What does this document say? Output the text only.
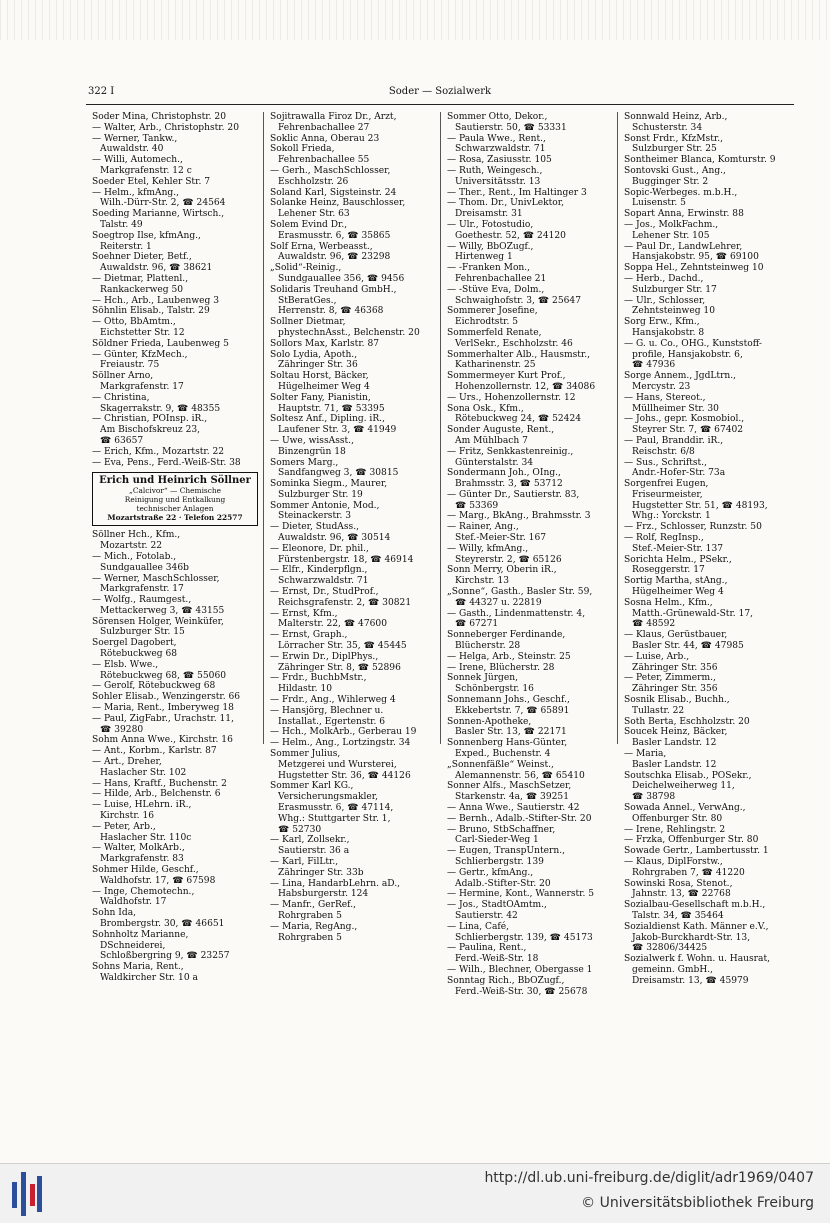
322 I	Soder — Sozialwerk
Soder Mina, Christophstr. 20
— Walter, Arb., Christophstr. 20
— Werner, Tankw.,
Auwaldstr. 40
— Willi, Automech.,
Markgrafenstr. 12 c
Soeder Etel, Kehler Str. 7
— Helm., kfmAng.,
Wilh.-Dürr-Str. 2, ☎ 24564
Soeding Marianne, Wirtsch.,
Talstr. 49
Soegtrop Ilse, kfmAng.,
Reiterstr. 1
Soehner Dieter, Betf.,
Auwaldstr. 96, ☎ 38621
— Dietmar, Plattenl.,
Rankackerweg 50
— Hch., Arb., Laubenweg 3
Söhnlin Elisab., Talstr. 29
— Otto, BbAmtm.,
Eichstetter Str. 12
Söldner Frieda, Laubenweg 5
— Günter, KfzMech.,
Freiaustr. 75
Söllner Arno,
Markgrafenstr. 17
— Christina,
Skagerrakstr. 9, ☎ 48355
— Christian, POInsp. iR.,
Am Bischofskreuz 23,
☎ 63657
— Erich, Kfm., Mozartstr. 22
— Eva, Pens., Ferd.-Weiß-Str. 38
Erich und Heinrich Söllner
„Calcivor“ — Chemische
Reinigung und Entkalkung
technischer Anlagen
Mozartstraße 22 · Telefon 22577
Söllner Hch., Kfm.,
Mozartstr. 22
— Mich., Fotolab.,
Sundgauallee 346b
— Werner, MaschSchlosser,
Markgrafenstr. 17
— Wolfg., Raumgest.,
Mettackerweg 3, ☎ 43155
Sörensen Holger, Weinküfer,
Sulzburger Str. 15
Soergel Dagobert,
Rötebuckweg 68
— Elsb. Wwe.,
Rötebuckweg 68, ☎ 55060
— Gerolf, Rötebuckweg 68
Sohler Elisab., Wenzingerstr. 66
— Maria, Rent., Imberyweg 18
— Paul, ZigFabr., Urachstr. 11,
☎ 39280
Sohm Anna Wwe., Kirchstr. 16
— Ant., Korbm., Karlstr. 87
— Art., Dreher,
Haslacher Str. 102
— Hans, Kraftf., Buchenstr. 2
— Hilde, Arb., Belchenstr. 6
— Luise, HLehrn. iR.,
Kirchstr. 16
— Peter, Arb.,
Haslacher Str. 110c
— Walter, MolkArb.,
Markgrafenstr. 83
Sohmer Hilde, Geschf.,
Waldhofstr. 17, ☎ 67598
— Inge, Chemotechn.,
Waldhofstr. 17
Sohn Ida,
Brombergstr. 30, ☎ 46651
Sohnholtz Marianne,
DSchneiderei,
Schloßbergring 9, ☎ 23257
Sohns Maria, Rent.,
Waldkircher Str. 10 a
Sojitrawalla Firoz Dr., Arzt,
Fehrenbachallee 27
Soklic Anna, Oberau 23
Sokoll Frieda,
Fehrenbachallee 55
— Gerh., MaschSchlosser,
Eschholzstr. 26
Soland Karl, Sigsteinstr. 24
Solanke Heinz, Bauschlosser,
Lehener Str. 63
Solem Evind Dr.,
Erasmusstr. 6, ☎ 35865
Solf Erna, Werbeasst.,
Auwaldstr. 96, ☎ 23298
„Solid“-Reinig.,
Sundgauallee 356, ☎ 9456
Solidaris Treuhand GmbH.,
StBeratGes.,
Herrenstr. 8, ☎ 46368
Sollner Dietmar,
phystechnAsst., Belchenstr. 20
Sollors Max, Karlstr. 87
Solo Lydia, Apoth.,
Zähringer Str. 36
Soltau Horst, Bäcker,
Hügelheimer Weg 4
Solter Fany, Pianistin,
Hauptstr. 71, ☎ 53395
Soltesz Anf., Dipling. iR.,
Laufener Str. 3, ☎ 41949
— Uwe, wissAsst.,
Binzengrün 18
Somers Marg.,
Sandfangweg 3, ☎ 30815
Sominka Siegm., Maurer,
Sulzburger Str. 19
Sommer Antonie, Mod.,
Steinackerstr. 3
— Dieter, StudAss.,
Auwaldstr. 96, ☎ 30514
— Eleonore, Dr. phil.,
Fürstenbergstr. 18, ☎ 46914
— Elfr., Kinderpflgn.,
Schwarzwaldstr. 71
— Ernst, Dr., StudProf.,
Reichsgrafenstr. 2, ☎ 30821
— Ernst, Kfm.,
Malterstr. 22, ☎ 47600
— Ernst, Graph.,
Lörracher Str. 35, ☎ 45445
— Erwin Dr., DiplPhys.,
Zähringer Str. 8, ☎ 52896
— Frdr., BuchbMstr.,
Hildastr. 10
— Frdr., Ang., Wihlerweg 4
— Hansjörg, Blechner u.
Installat., Egertenstr. 6
— Hch., MolkArb., Gerberau 19
— Helm., Ang., Lortzingstr. 34
Sommer Julius,
Metzgerei und Wursterei,
Hugstetter Str. 36, ☎ 44126
Sommer Karl KG.,
Versicherungsmakler,
Erasmusstr. 6, ☎ 47114,
Whg.: Stuttgarter Str. 1,
☎ 52730
— Karl, Zollsekr.,
Sautierstr. 36 a
— Karl, FilLtr.,
Zähringer Str. 33b
— Lina, HandarbLehrn. aD.,
Habsburgerstr. 124
— Manfr., GerRef.,
Rohrgraben 5
— Maria, RegAng.,
Rohrgraben 5
Sommer Otto, Dekor.,
Sautierstr. 50, ☎ 53331
— Paula Wwe., Rent.,
Schwarzwaldstr. 71
— Rosa, Zasiusstr. 105
— Ruth, Weingesch.,
Universitätsstr. 13
— Ther., Rent., Im Haltinger 3
— Thom. Dr., UnivLektor,
Dreisamstr. 31
— Ulr., Fotostudio,
Goethestr. 52, ☎ 24120
— Willy, BbOZugf.,
Hirtenweg 1
— -Franken Mon.,
Fehrenbachallee 21
— -Stüve Eva, Dolm.,
Schwaighofstr. 3, ☎ 25647
Sommerer Josefine,
Eichrodtstr. 5
Sommerfeld Renate,
VerlSekr., Eschholzstr. 46
Sommerhalter Alb., Hausmstr.,
Katharinenstr. 25
Sommermeyer Kurt Prof.,
Hohenzollernstr. 12, ☎ 34086
— Urs., Hohenzollernstr. 12
Sona Osk., Kfm.,
Rötebuckweg 24, ☎ 52424
Sonder Auguste, Rent.,
Am Mühlbach 7
— Fritz, Senkkastenreinig.,
Günterstalstr. 34
Sondermann Joh., OIng.,
Brahmsstr. 3, ☎ 53712
— Günter Dr., Sautierstr. 83,
☎ 53369
— Marg., BkAng., Brahmsstr. 3
— Rainer, Ang.,
Stef.-Meier-Str. 167
— Willy, kfmAng.,
Steyrerstr. 2, ☎ 65126
Sonn Merry, Oberin iR.,
Kirchstr. 13
„Sonne“, Gasth., Basler Str. 59,
☎ 44327 u. 22819
— Gasth., Lindenmattenstr. 4,
☎ 67271
Sonneberger Ferdinande,
Blücherstr. 28
— Helga, Arb., Steinstr. 25
— Irene, Blücherstr. 28
Sonnek Jürgen,
Schönbergstr. 16
Sonnemann Johs., Geschf.,
Ekkebertstr. 7, ☎ 65891
Sonnen-Apotheke,
Basler Str. 13, ☎ 22171
Sonnenberg Hans-Günter,
Exped., Buchenstr. 4
„Sonnenfäßle“ Weinst.,
Alemannenstr. 56, ☎ 65410
Sonner Alfs., MaschSetzer,
Starkenstr. 4a, ☎ 39251
— Anna Wwe., Sautierstr. 42
— Bernh., Adalb.-Stifter-Str. 20
— Bruno, StbSchaffner,
Carl-Sieder-Weg 1
— Eugen, TranspUntern.,
Schlierbergstr. 139
— Gertr., kfmAng.,
Adalb.-Stifter-Str. 20
— Hermine, Kont., Wannerstr. 5
— Jos., StadtOAmtm.,
Sautierstr. 42
— Lina, Café,
Schlierbergstr. 139, ☎ 45173
— Paulina, Rent.,
Ferd.-Weiß-Str. 18
— Wilh., Blechner, Obergasse 1
Sonntag Rich., BbOZugf.,
Ferd.-Weiß-Str. 30, ☎ 25678
Sonnwald Heinz, Arb.,
Schusterstr. 34
Sonst Frdr., KfzMstr.,
Sulzburger Str. 25
Sontheimer Blanca, Komturstr. 9
Sontovski Gust., Ang.,
Bugginger Str. 2
Sopic-Werbeges. m.b.H.,
Luisenstr. 5
Sopart Anna, Erwinstr. 88
— Jos., MolkFachm.,
Lehener Str. 105
— Paul Dr., LandwLehrer,
Hansjakobstr. 95, ☎ 69100
Soppa Hel., Zehntsteinweg 10
— Herb., Dachd.,
Sulzburger Str. 17
— Ulr., Schlosser,
Zehntsteinweg 10
Sorg Erw., Kfm.,
Hansjakobstr. 8
— G. u. Co., OHG., Kunststoff-
profile, Hansjakobstr. 6,
☎ 47936
Sorge Annem., JgdLtrn.,
Mercystr. 23
— Hans, Stereot.,
Müllheimer Str. 30
— Johs., gepr. Kosmobiol.,
Steyrer Str. 7, ☎ 67402
— Paul, Branddir. iR.,
Reischstr. 6/8
— Sus., Schriftst.,
Andr.-Hofer-Str. 73a
Sorgenfrei Eugen,
Friseurmeister,
Hugstetter Str. 51, ☎ 48193,
Whg.: Yorckstr. 1
— Frz., Schlosser, Runzstr. 50
— Rolf, RegInsp.,
Stef.-Meier-Str. 137
Sorichta Helm., PSekr.,
Roseggerstr. 17
Sortig Martha, stAng.,
Hügelheimer Weg 4
Sosna Helm., Kfm.,
Matth.-Grünewald-Str. 17,
☎ 48592
— Klaus, Gerüstbauer,
Basler Str. 44, ☎ 47985
— Luise, Arb.,
Zähringer Str. 356
— Peter, Zimmerm.,
Zähringer Str. 356
Sosnik Elisab., Buchh.,
Tullastr. 22
Soth Berta, Eschholzstr. 20
Soucek Heinz, Bäcker,
Basler Landstr. 12
— Maria,
Basler Landstr. 12
Soutschka Elisab., POSekr.,
Deichelweiherweg 11,
☎ 38798
Sowada Annel., VerwAng.,
Offenburger Str. 80
— Irene, Rehlingstr. 2
— Frzka, Offenburger Str. 80
Sowade Gertr., Lambertusstr. 1
— Klaus, DiplForstw.,
Rohrgraben 7, ☎ 41220
Sowinski Rosa, Stenot.,
Jahnstr. 13, ☎ 22768
Sozialbau-Gesellschaft m.b.H.,
Talstr. 34, ☎ 35464
Sozialdienst Kath. Männer e.V.,
Jakob-Burckhardt-Str. 13,
☎ 32806/34425
Sozialwerk f. Wohn. u. Hausrat,
gemeinn. GmbH.,
Dreisamstr. 13, ☎ 45979
http://dl.ub.uni-freiburg.de/diglit/adr1969/0407
© Universitätsbibliothek Freiburg
